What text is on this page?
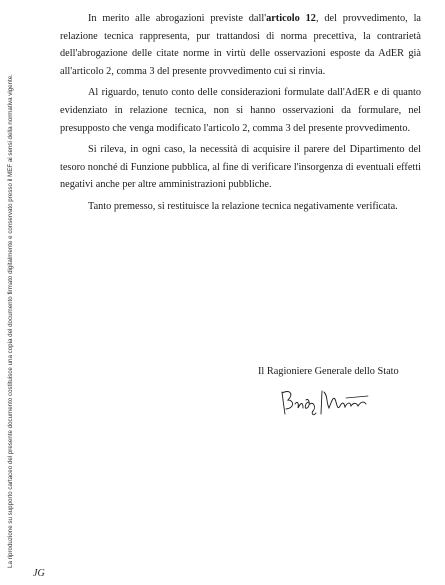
La riproduzione su supporto cartaceo del presente documento costituisce una copia del documento firmato digitalmente e conservato presso il MEF ai sensi della normativa vigente.

In merito alle abrogazioni previste dall'articolo 12, del provvedimento, la relazione tecnica rappresenta, pur trattandosi di norma precettiva, la contrarietà dell'abrogazione delle citate norme in virtù delle osservazioni esposte da AdER già all'articolo 2, comma 3 del presente provvedimento cui si rinvia.

Al riguardo, tenuto conto delle considerazioni formulate dall'AdER e di quanto evidenziato in relazione tecnica, non si hanno osservazioni da formulare, nel presupposto che venga modificato l'articolo 2, comma 3 del presente provvedimento.

Si rileva, in ogni caso, la necessità di acquisire il parere del Dipartimento del tesoro nonché di Funzione pubblica, al fine di verificare l'insorgenza di eventuali effetti negativi anche per altre amministrazioni pubbliche.

Tanto premesso, si restituisce la relazione tecnica negativamente verificata.

Il Ragioniere Generale dello Stato
JG
